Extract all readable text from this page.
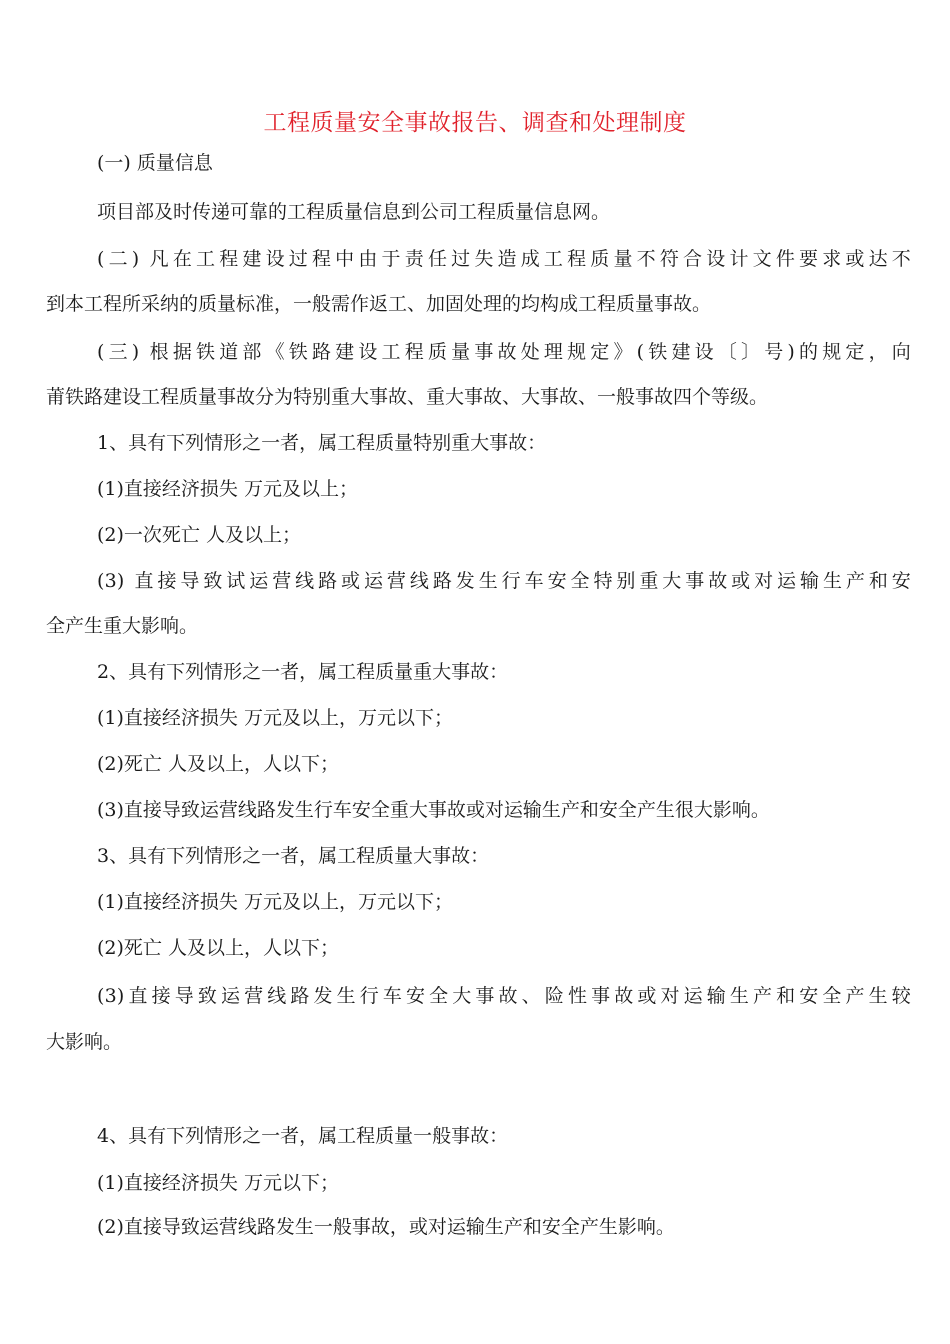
工程质量安全事故报告、调查和处理制度
(一) 质量信息
项目部及时传递可靠的工程质量信息到公司工程质量信息网。
(二) 凡在工程建设过程中由于责任过失造成工程质量不符合设计文件要求或达不
到本工程所采纳的质量标准，一般需作返工、加固处理的均构成工程质量事故。
(三) 根据铁道部《铁路建设工程质量事故处理规定》(铁建设〔〕号)的规定，向
莆铁路建设工程质量事故分为特别重大事故、重大事故、大事故、一般事故四个等级。
1、具有下列情形之一者，属工程质量特别重大事故：
(1)直接经济损失 万元及以上；
(2)一次死亡 人及以上；
(3) 直接导致试运营线路或运营线路发生行车安全特别重大事故或对运输生产和安
全产生重大影响。
2、具有下列情形之一者，属工程质量重大事故：
(1)直接经济损失 万元及以上，万元以下；
(2)死亡 人及以上，人以下；
(3)直接导致运营线路发生行车安全重大事故或对运输生产和安全产生很大影响。
3、具有下列情形之一者，属工程质量大事故：
(1)直接经济损失 万元及以上，万元以下；
(2)死亡 人及以上，人以下；
(3)直接导致运营线路发生行车安全大事故、险性事故或对运输生产和安全产生较
大影响。
4、具有下列情形之一者，属工程质量一般事故：
(1)直接经济损失 万元以下；
(2)直接导致运营线路发生一般事故，或对运输生产和安全产生影响。
